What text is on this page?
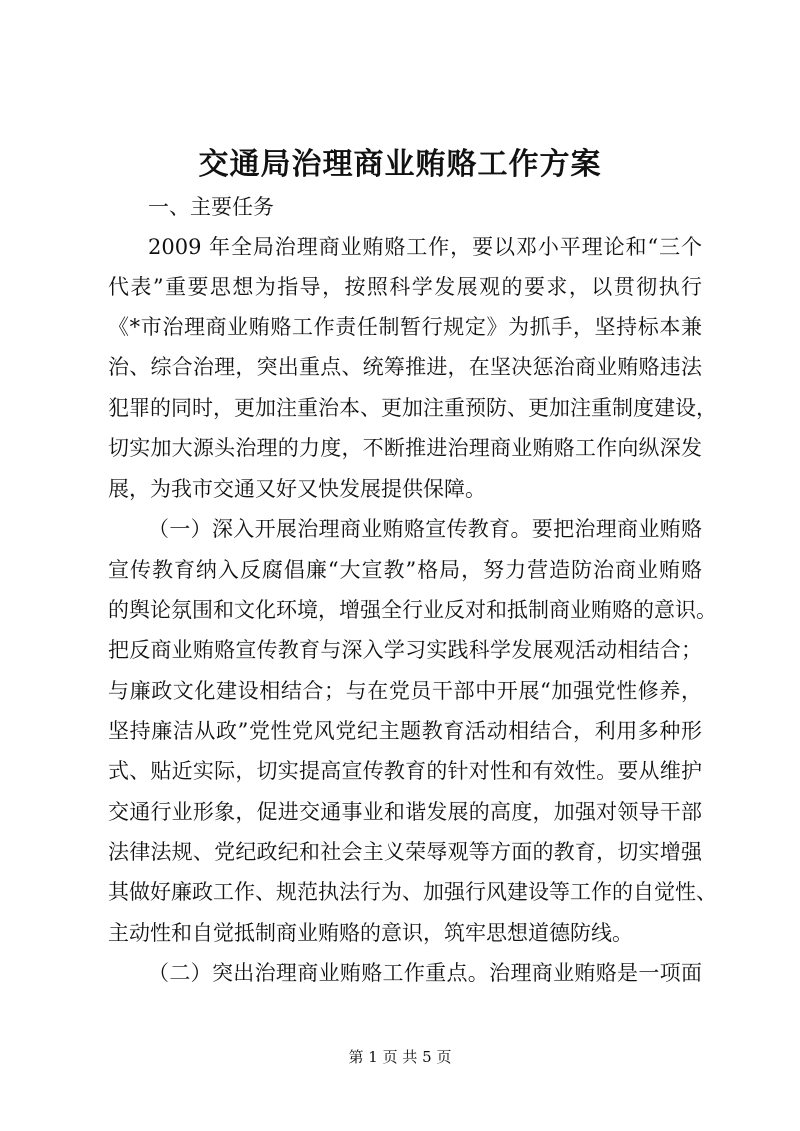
交通局治理商业贿赂工作方案
一、主要任务
2009 年全局治理商业贿赂工作，要以邓小平理论和“三个
代表”重要思想为指导，按照科学发展观的要求，以贯彻执行
《*市治理商业贿赂工作责任制暂行规定》为抓手，坚持标本兼
治、综合治理，突出重点、统筹推进，在坚决惩治商业贿赂违法
犯罪的同时，更加注重治本、更加注重预防、更加注重制度建设，
切实加大源头治理的力度，不断推进治理商业贿赂工作向纵深发
展，为我市交通又好又快发展提供保障。
（一）深入开展治理商业贿赂宣传教育。要把治理商业贿赂
宣传教育纳入反腐倡廉“大宣教”格局，努力营造防治商业贿赂
的舆论氛围和文化环境，增强全行业反对和抵制商业贿赂的意识。
把反商业贿赂宣传教育与深入学习实践科学发展观活动相结合；
与廉政文化建设相结合；与在党员干部中开展“加强党性修养，
坚持廉洁从政”党性党风党纪主题教育活动相结合，利用多种形
式、贴近实际，切实提高宣传教育的针对性和有效性。要从维护
交通行业形象，促进交通事业和谐发展的高度，加强对领导干部
法律法规、党纪政纪和社会主义荣辱观等方面的教育，切实增强
其做好廉政工作、规范执法行为、加强行风建设等工作的自觉性、
主动性和自觉抵制商业贿赂的意识，筑牢思想道德防线。
（二）突出治理商业贿赂工作重点。治理商业贿赂是一项面
第 1 页 共 5 页
